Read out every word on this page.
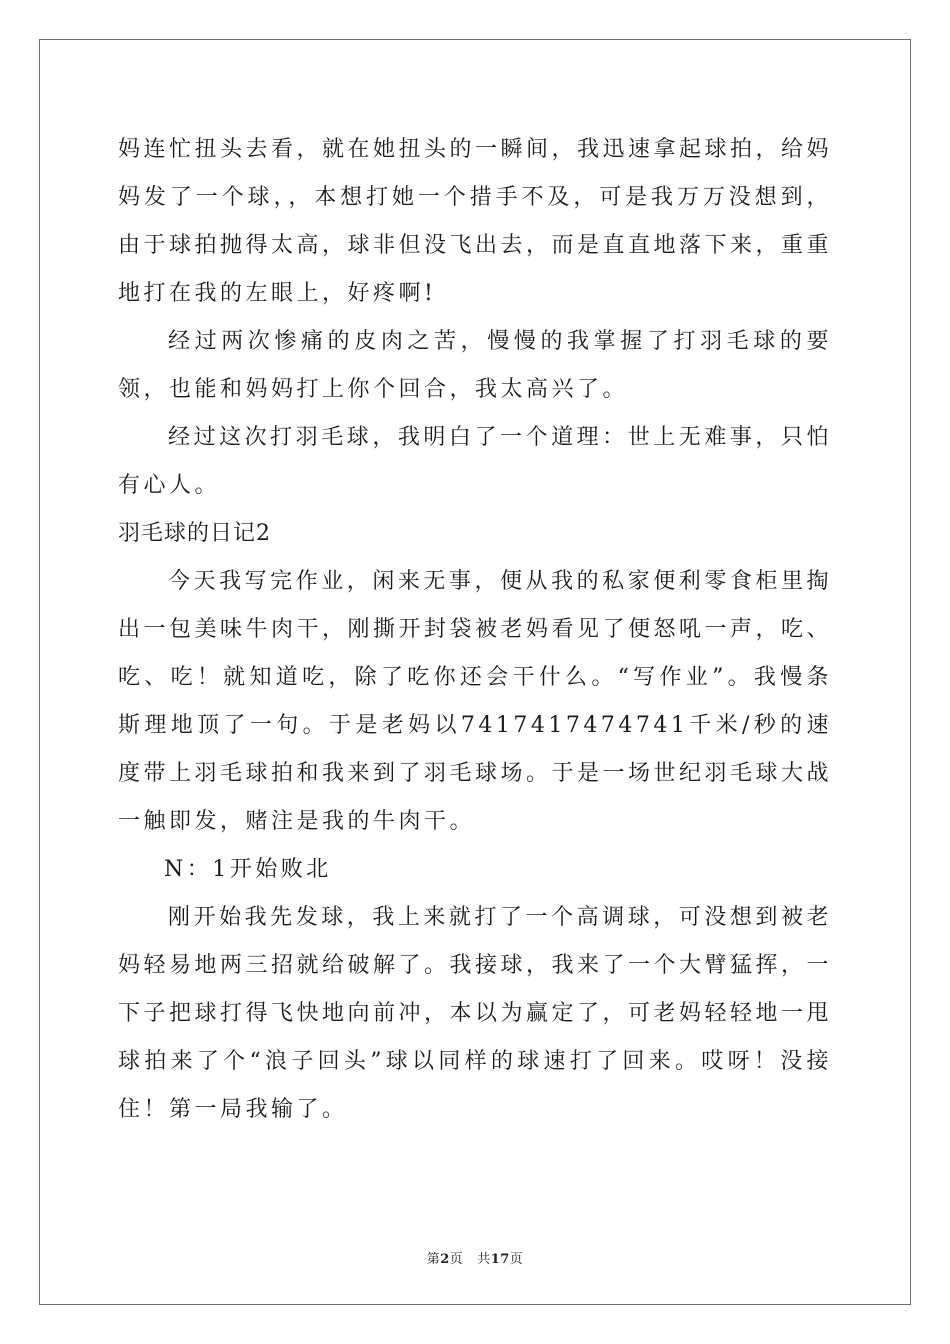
妈连忙扭头去看，就在她扭头的一瞬间，我迅速拿起球拍，给妈妈发了一个球，，本想打她一个措手不及，可是我万万没想到，由于球拍抛得太高，球非但没飞出去，而是直直地落下来，重重地打在我的左眼上，好疼啊!

经过两次惨痛的皮肉之苦，慢慢的我掌握了打羽毛球的要领，也能和妈妈打上你个回合，我太高兴了。

经过这次打羽毛球，我明白了一个道理：世上无难事，只怕有心人。

羽毛球的日记2

今天我写完作业，闲来无事，便从我的私家便利零食柜里掏出一包美味牛肉干，刚撕开封袋被老妈看见了便怒吼一声，吃、吃、吃！就知道吃，除了吃你还会干什么。“写作业”。我慢条斯理地顶了一句。于是老妈以7417417474741千米/秒的速度带上羽毛球拍和我来到了羽毛球场。于是一场世纪羽毛球大战一触即发，赌注是我的牛肉干。

N：1开始败北

刚开始我先发球，我上来就打了一个高调球，可没想到被老妈轻易地两三招就给破解了。我接球，我来了一个大臂猛挥，一下子把球打得飞快地向前冲，本以为赢定了，可老妈轻轻地一甩球拍来了个“浪子回头”球以同样的球速打了回来。哎呀！没接住！第一局我输了。

第2页 共17页
